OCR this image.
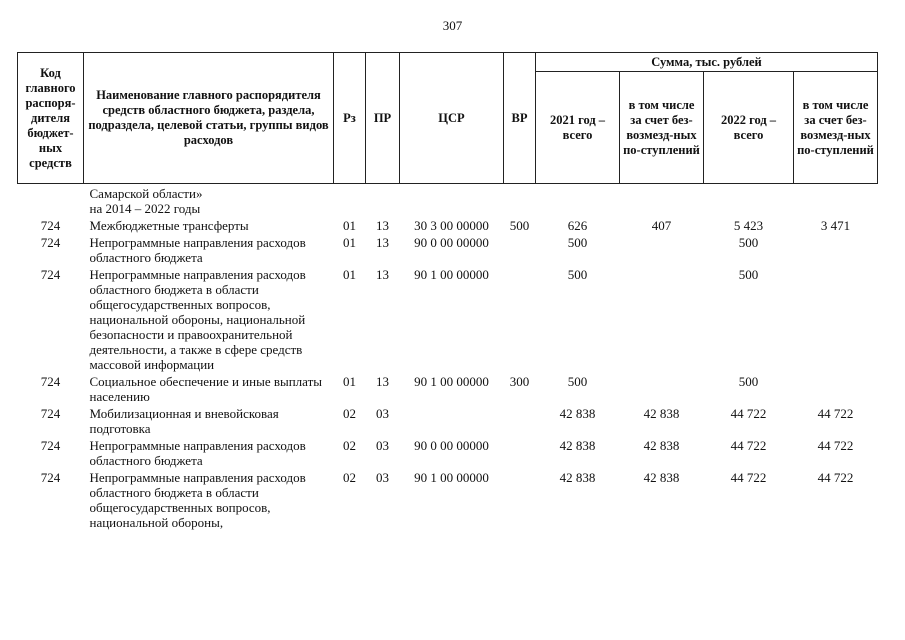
307
Код главного распоря-дителя бюджет-ных средств	Наименование главного распорядителя средств областного бюджета, раздела, подраздела, целевой статьи, группы видов расходов	Рз	ПР	ЦСР	ВР	Сумма, тыс. рублей			
						2021 год – всего	в том числе за счет без-возмезд-ных по-ступлений	2022 год – всего	в том числе за счет без-возмезд-ных по-ступлений
	Самарской области»
на 2014 – 2022 годы								
724	Межбюджетные трансферты	01	13	30 3 00 00000	500	626	407	5 423	3 471
724	Непрограммные направления расходов областного бюджета	01	13	90 0 00 00000		500		500	
724	Непрограммные направления расходов областного бюджета в области общегосударственных вопросов, национальной обороны, национальной безопасности и правоохранительной деятельности, а также в сфере средств массовой информации	01	13	90 1 00 00000		500		500	
724	Социальное обеспечение и иные выплаты населению	01	13	90 1 00 00000	300	500		500	
724	Мобилизационная и вневойсковая подготовка	02	03			42 838	42 838	44 722	44 722
724	Непрограммные направления расходов областного бюджета	02	03	90 0 00 00000		42 838	42 838	44 722	44 722
724	Непрограммные направления расходов областного бюджета в области общегосударственных вопросов, национальной обороны,	02	03	90 1 00 00000		42 838	42 838	44 722	44 722
